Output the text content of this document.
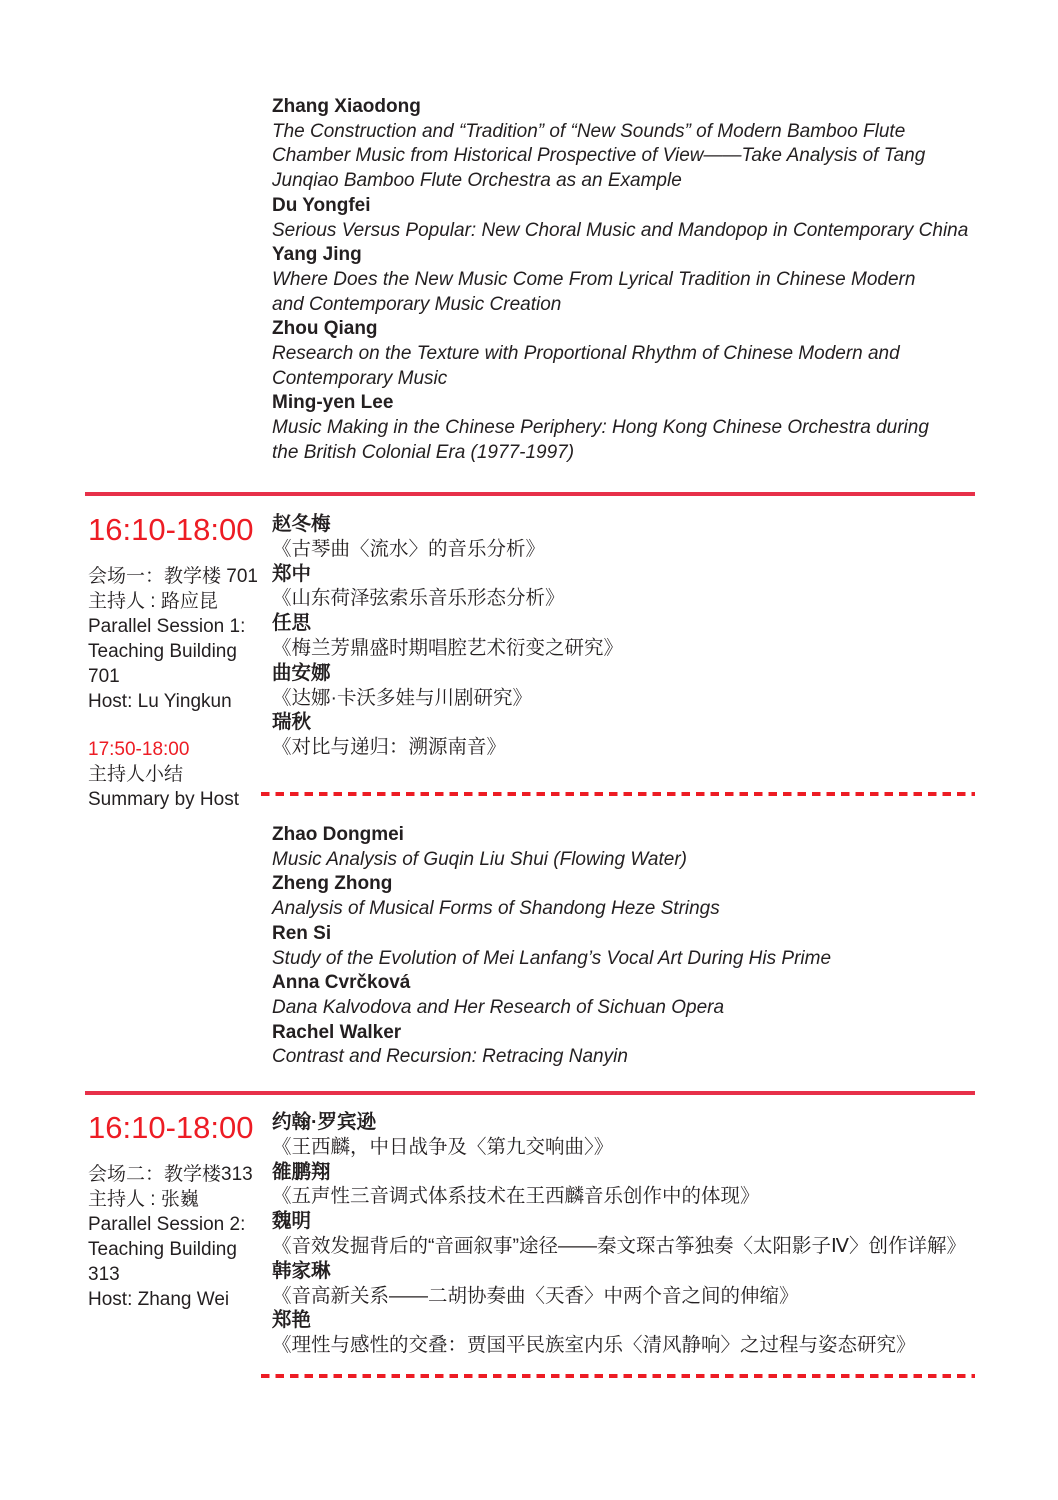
Zhang Xiaodong

The Construction and “Tradition” of “New Sounds” of Modern Bamboo Flute

Chamber Music from Historical Prospective of View——Take Analysis of Tang

Junqiao Bamboo Flute Orchestra as an Example

Du Yongfei

Serious Versus Popular: New Choral Music and Mandopop in Contemporary China

Yang Jing

Where Does the New Music Come From Lyrical Tradition in Chinese Modern

and Contemporary Music Creation

Zhou Qiang

Research on the Texture with Proportional Rhythm of Chinese Modern and

Contemporary Music

Ming-yen Lee

Music Making in the Chinese Periphery: Hong Kong Chinese Orchestra during

the British Colonial Era (1977-1997)

16:10-18:00

会场一：教学楼 701

主持人 : 路应昆

Parallel Session 1:

Teaching Building

701

Host: Lu Yingkun

17:50-18:00

主持人小结

Summary by Host

赵冬梅

《古琴曲〈流水〉的音乐分析》

郑中

《山东荷泽弦索乐音乐形态分析》

任思

《梅兰芳鼎盛时期唱腔艺术衍变之研究》

曲安娜

《达娜·卡沃多娃与川剧研究》

瑞秋

《对比与递归：溯源南音》

Zhao Dongmei

Music Analysis of Guqin Liu Shui (Flowing Water)

Zheng Zhong

Analysis of Musical Forms of Shandong Heze Strings

Ren Si

Study of the Evolution of Mei Lanfang’s Vocal Art During His Prime

Anna Cvrčková

Dana Kalvodova and Her Research of Sichuan Opera

Rachel Walker

Contrast and Recursion: Retracing Nanyin

16:10-18:00

会场二：教学楼313

主持人 : 张巍

Parallel Session 2:

Teaching Building

313

Host: Zhang Wei

约翰·罗宾逊

《王西麟，中日战争及〈第九交响曲〉》

雒鹏翔

《五声性三音调式体系技术在王西麟音乐创作中的体现》

魏明

《音效发掘背后的“音画叙事”途径——秦文琛古筝独奏〈太阳影子Ⅳ〉创作详解》

韩家琳

《音高新关系——二胡协奏曲〈天香〉中两个音之间的伸缩》

郑艳

《理性与感性的交叠：贾国平民族室内乐〈清风静响〉之过程与姿态研究》
